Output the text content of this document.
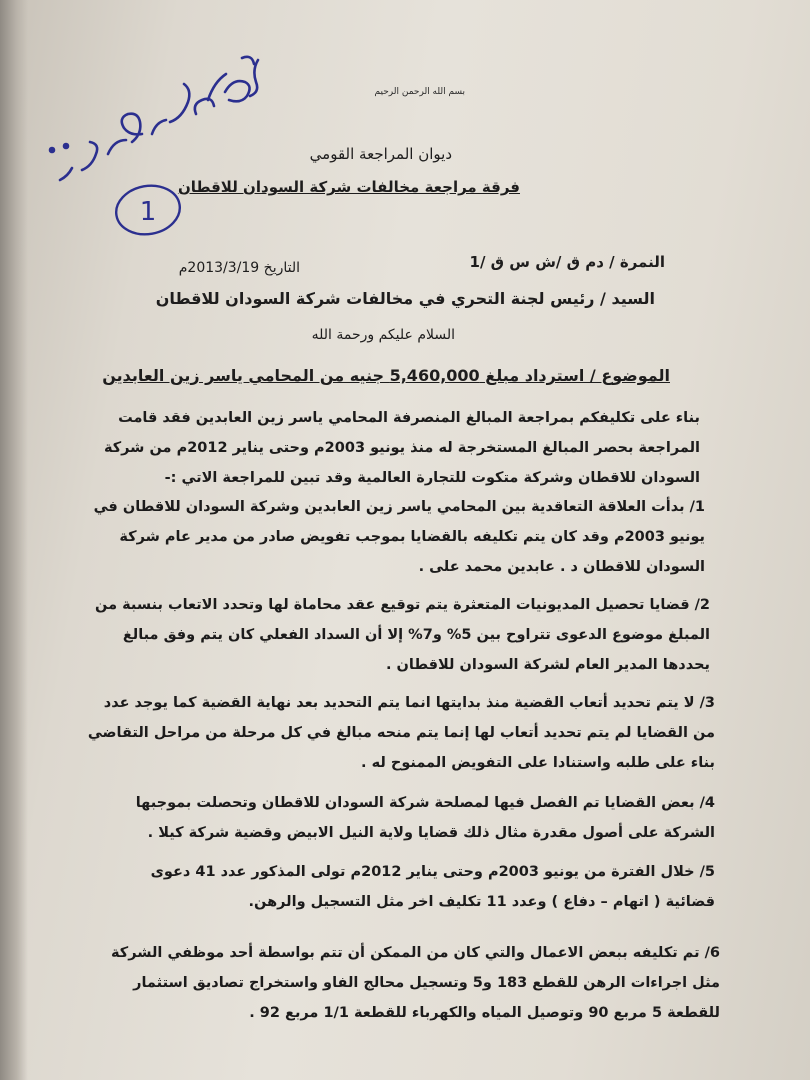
1
بسم الله الرحمن الرحيم
ديوان المراجعة القومي
فرقة مراجعة مخالفات شركة السودان للاقطان
النمرة / دم ق /ش س ق /1
التاريخ 2013/3/19م
السيد / رئيس لجنة التحري في مخالفات شركة السودان للاقطان
السلام عليكم ورحمة الله
الموضوع / استرداد مبلغ 5,460,000 جنيه من المحامي ياسر زين العابدين
بناء على تكليفكم بمراجعة المبالغ المنصرفة المحامي ياسر زين العابدين فقد قامت
المراجعة بحصر المبالغ المستخرجة له منذ يونيو 2003م وحتى يناير 2012م من شركة
السودان للاقطان وشركة متكوت للتجارة العالمية وقد تبين للمراجعة الاتي :-
1/ بدأت العلاقة التعاقدية بين المحامي ياسر زين العابدين وشركة السودان للاقطان في
يونيو 2003م وقد كان يتم تكليفه بالقضايا بموجب تفويض صادر من مدير عام شركة
السودان للاقطان د . عابدين محمد على .
2/ قضايا تحصيل المديونيات المتعثرة يتم توقيع عقد محاماة لها وتحدد الاتعاب بنسبة من
المبلغ موضوع الدعوى تتراوح بين 5% و7% إلا أن السداد الفعلي كان يتم وفق مبالغ
يحددها المدير العام لشركة السودان للاقطان .
3/ لا يتم تحديد أتعاب القضية منذ بدايتها انما يتم التحديد بعد نهاية القضية كما يوجد عدد
من القضايا لم يتم تحديد أتعاب لها إنما يتم منحه مبالغ في كل مرحلة من مراحل التقاضي
بناء على طلبه واستنادا على التفويض الممنوح له .
4/ بعض القضايا تم الفصل فيها لمصلحة شركة السودان للاقطان وتحصلت بموجبها
الشركة على أصول مقدرة مثال ذلك قضايا ولاية النيل الابيض وقضية شركة كيلا .
5/ خلال الفترة من يونيو 2003م وحتى يناير 2012م تولى المذكور عدد 41 دعوى
قضائية ( اتهام – دفاع ) وعدد 11 تكليف اخر مثل التسجيل والرهن.
6/ تم تكليفه ببعض الاعمال والتي كان من الممكن أن تتم بواسطة أحد موظفي الشركة
مثل اجراءات الرهن للقطع 183 و5 وتسجيل محالج الفاو واستخراج تصاديق استثمار
للقطعة 5 مربع 90 وتوصيل المياه والكهرباء للقطعة 1/1 مربع 92 .
